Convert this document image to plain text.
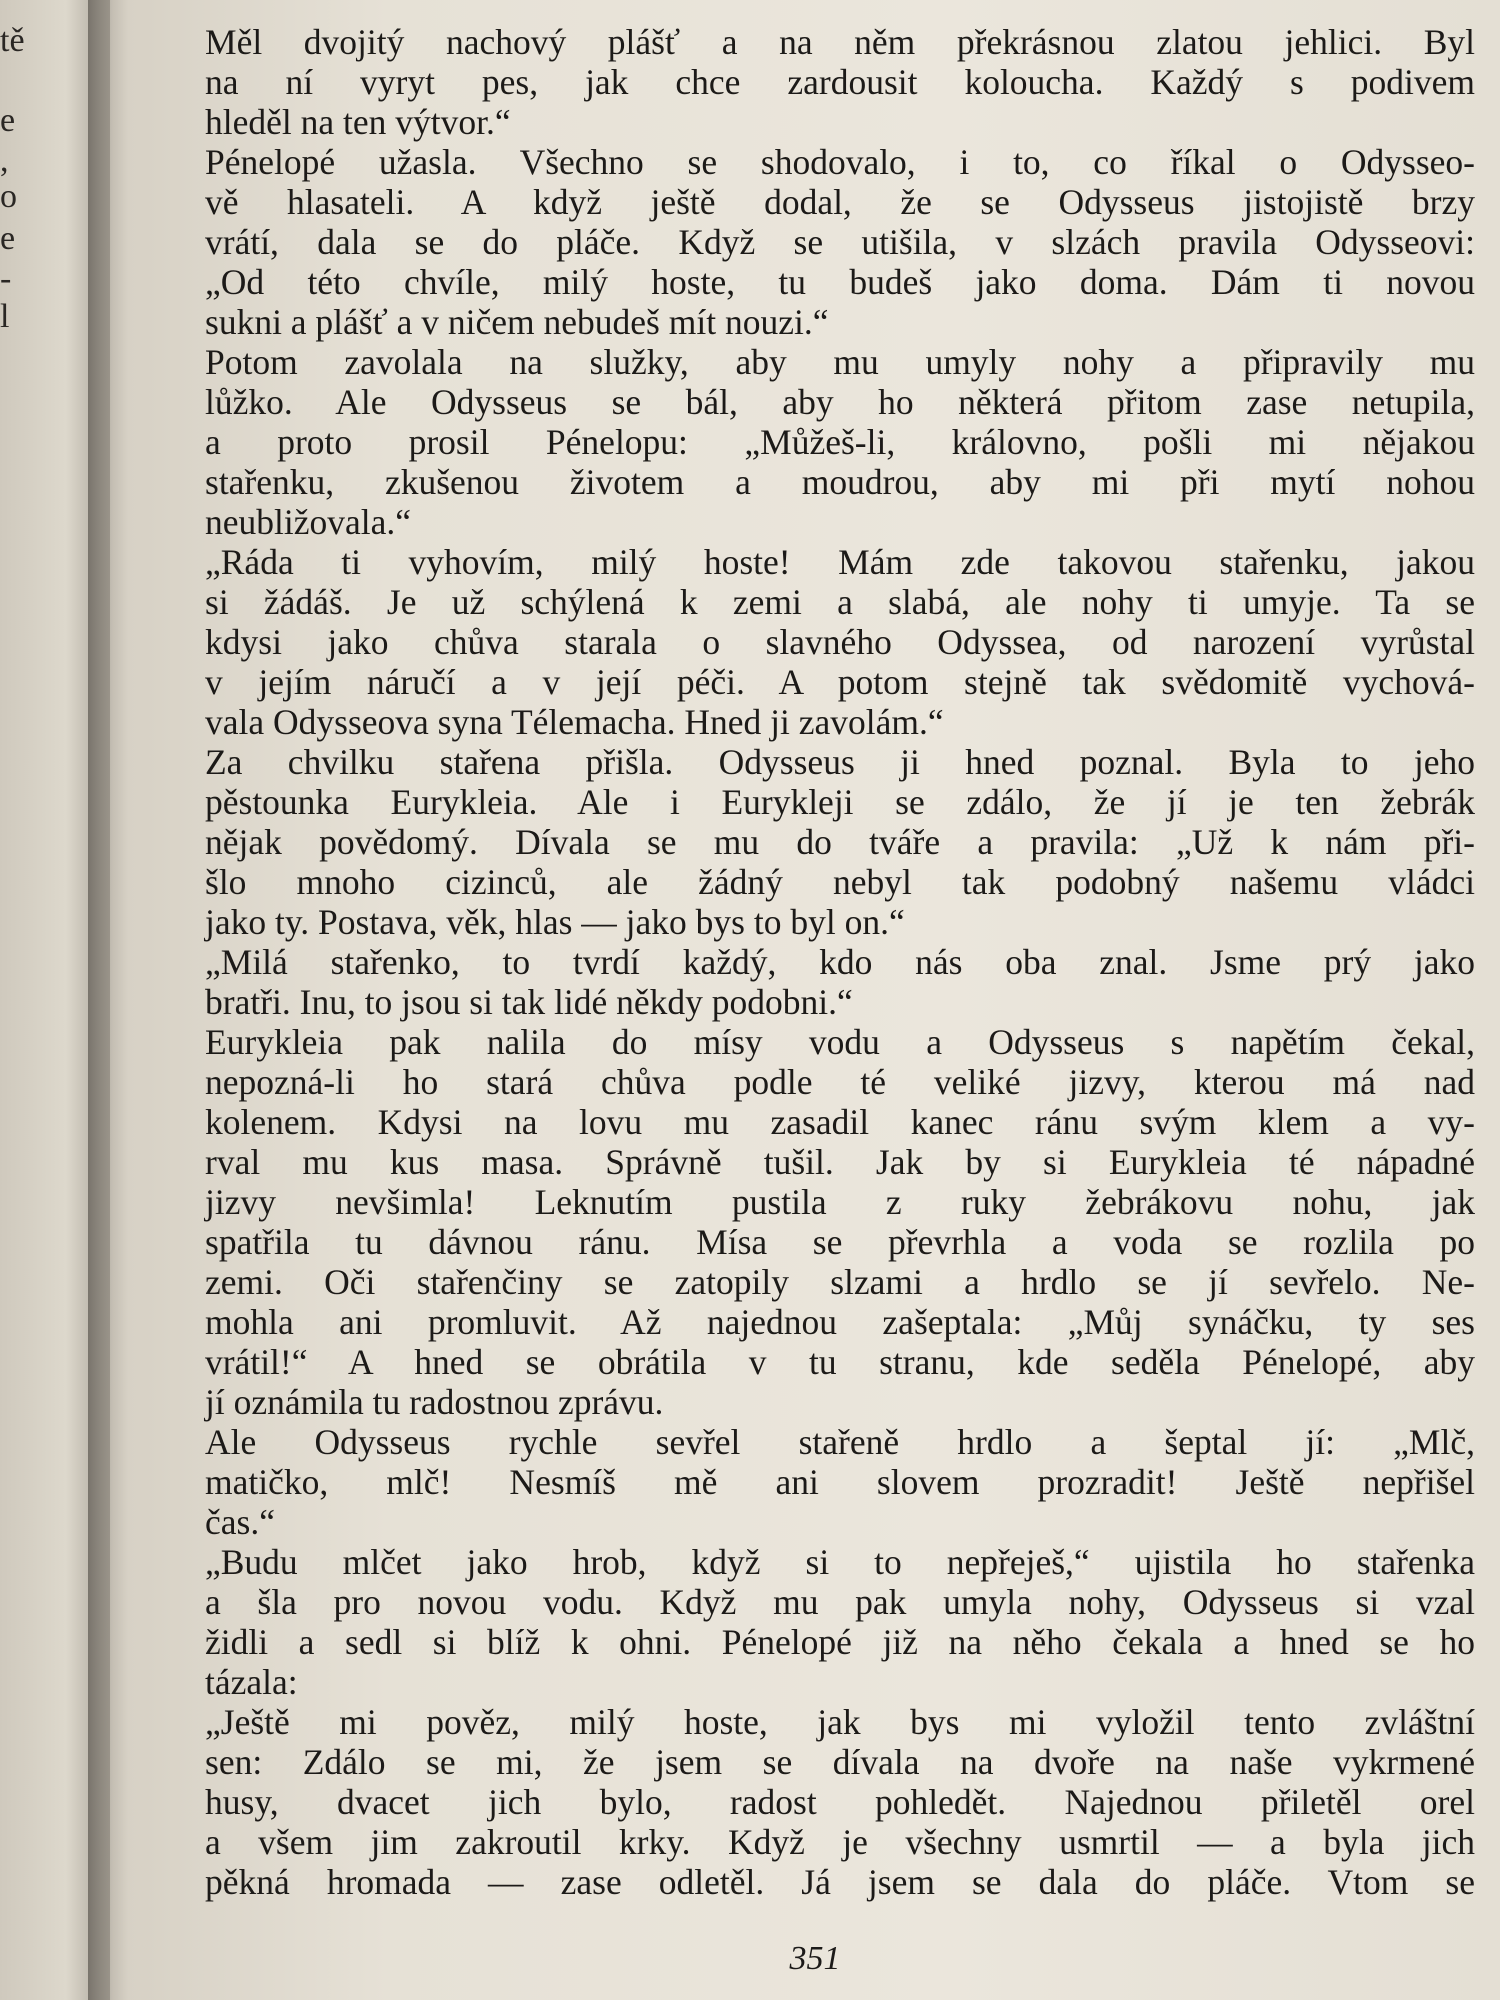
tě
e
,
o
e
-
l
Měl dvojitý nachový plášť a na něm překrásnou zlatou jehlici. Byl
na ní vyryt pes, jak chce zardousit koloucha. Každý s podivem
hleděl na ten výtvor.“
Pénelopé užasla. Všechno se shodovalo, i to, co říkal o Odysseo-
vě hlasateli. A když ještě dodal, že se Odysseus jistojistě brzy
vrátí, dala se do pláče. Když se utišila, v slzách pravila Odysseovi:
„Od této chvíle, milý hoste, tu budeš jako doma. Dám ti novou
sukni a plášť a v ničem nebudeš mít nouzi.“
Potom zavolala na služky, aby mu umyly nohy a připravily mu
lůžko. Ale Odysseus se bál, aby ho některá přitom zase netupila,
a proto prosil Pénelopu: „Můžeš-li, královno, pošli mi nějakou
stařenku, zkušenou životem a moudrou, aby mi při mytí nohou
neubližovala.“
„Ráda ti vyhovím, milý hoste! Mám zde takovou stařenku, jakou
si žádáš. Je už schýlená k zemi a slabá, ale nohy ti umyje. Ta se
kdysi jako chůva starala o slavného Odyssea, od narození vyrůstal
v jejím náručí a v její péči. A potom stejně tak svědomitě vychová-
vala Odysseova syna Télemacha. Hned ji zavolám.“
Za chvilku stařena přišla. Odysseus ji hned poznal. Byla to jeho
pěstounka Eurykleia. Ale i Eurykleji se zdálo, že jí je ten žebrák
nějak povědomý. Dívala se mu do tváře a pravila: „Už k nám při-
šlo mnoho cizinců, ale žádný nebyl tak podobný našemu vládci
jako ty. Postava, věk, hlas — jako bys to byl on.“
„Milá stařenko, to tvrdí každý, kdo nás oba znal. Jsme prý jako
bratři. Inu, to jsou si tak lidé někdy podobni.“
Eurykleia pak nalila do mísy vodu a Odysseus s napětím čekal,
nepozná-li ho stará chůva podle té veliké jizvy, kterou má nad
kolenem. Kdysi na lovu mu zasadil kanec ránu svým klem a vy-
rval mu kus masa. Správně tušil. Jak by si Eurykleia té nápadné
jizvy nevšimla! Leknutím pustila z ruky žebrákovu nohu, jak
spatřila tu dávnou ránu. Mísa se převrhla a voda se rozlila po
zemi. Oči stařenčiny se zatopily slzami a hrdlo se jí sevřelo. Ne-
mohla ani promluvit. Až najednou zašeptala: „Můj synáčku, ty ses
vrátil!“ A hned se obrátila v tu stranu, kde seděla Pénelopé, aby
jí oznámila tu radostnou zprávu.
Ale Odysseus rychle sevřel stařeně hrdlo a šeptal jí: „Mlč,
matičko, mlč! Nesmíš mě ani slovem prozradit! Ještě nepřišel
čas.“
„Budu mlčet jako hrob, když si to nepřeješ,“ ujistila ho stařenka
a šla pro novou vodu. Když mu pak umyla nohy, Odysseus si vzal
židli a sedl si blíž k ohni. Pénelopé již na něho čekala a hned se ho
tázala:
„Ještě mi pověz, milý hoste, jak bys mi vyložil tento zvláštní
sen: Zdálo se mi, že jsem se dívala na dvoře na naše vykrmené
husy, dvacet jich bylo, radost pohledět. Najednou přiletěl orel
a všem jim zakroutil krky. Když je všechny usmrtil — a byla jich
pěkná hromada — zase odletěl. Já jsem se dala do pláče. Vtom se
351
